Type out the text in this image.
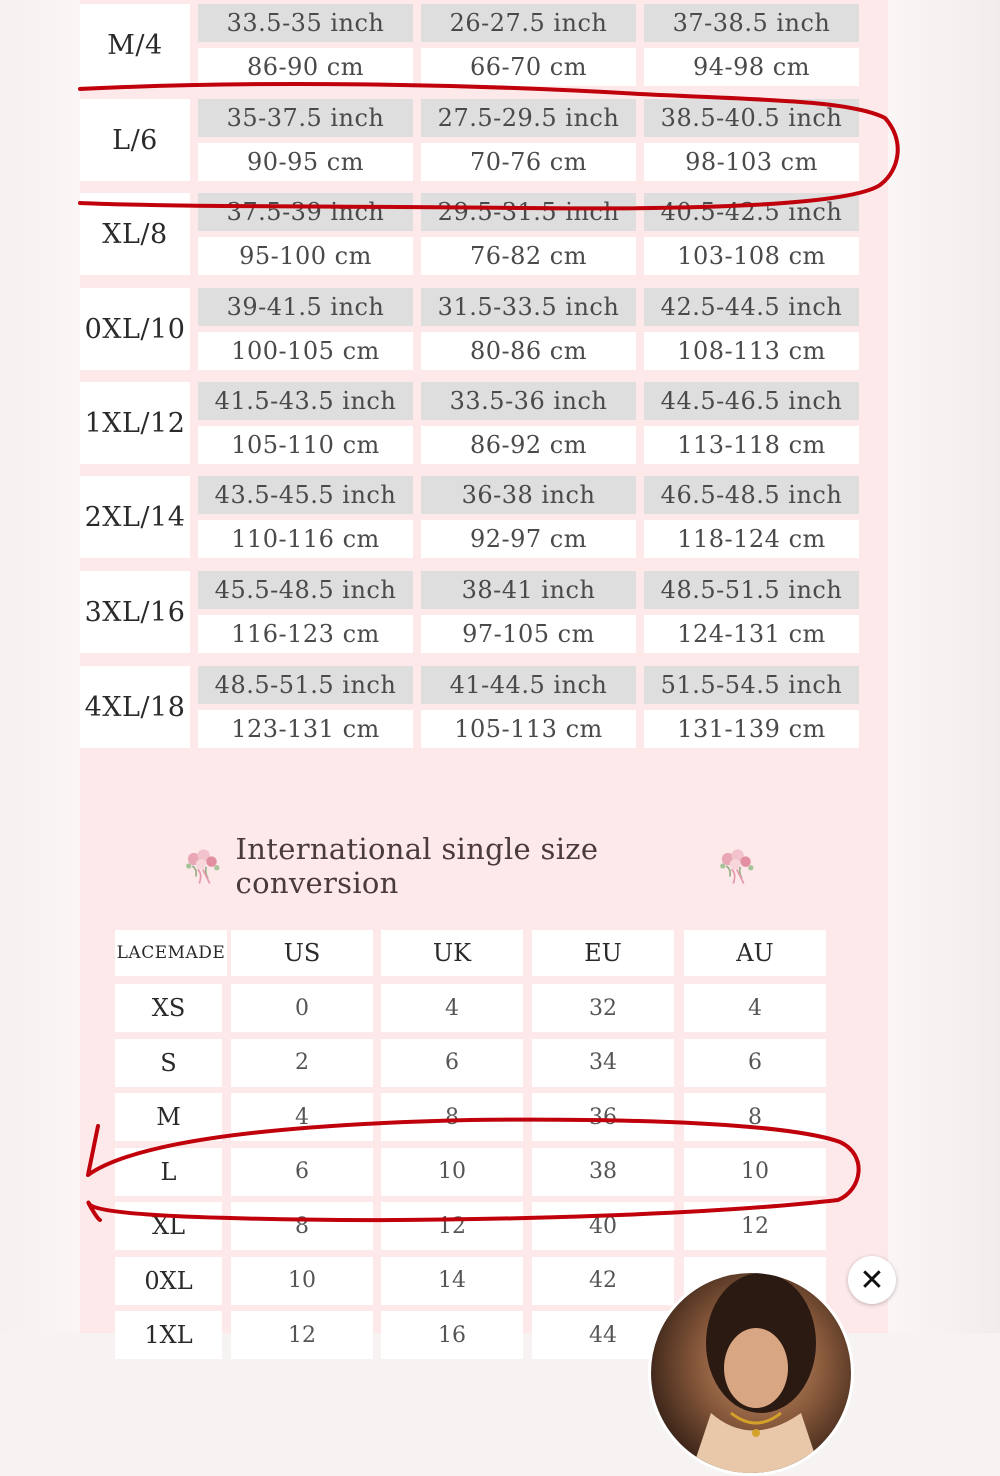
M/4
33.5-35 inch
86-90 cm
26-27.5 inch
66-70 cm
37-38.5 inch
94-98 cm
L/6
35-37.5 inch
90-95 cm
27.5-29.5 inch
70-76 cm
38.5-40.5 inch
98-103 cm
XL/8
37.5-39 inch
95-100 cm
29.5-31.5 inch
76-82 cm
40.5-42.5 inch
103-108 cm
0XL/10
39-41.5 inch
100-105 cm
31.5-33.5 inch
80-86 cm
42.5-44.5 inch
108-113 cm
1XL/12
41.5-43.5 inch
105-110 cm
33.5-36 inch
86-92 cm
44.5-46.5 inch
113-118 cm
2XL/14
43.5-45.5 inch
110-116 cm
36-38 inch
92-97 cm
46.5-48.5 inch
118-124 cm
3XL/16
45.5-48.5 inch
116-123 cm
38-41 inch
97-105 cm
48.5-51.5 inch
124-131 cm
4XL/18
48.5-51.5 inch
123-131 cm
41-44.5 inch
105-113 cm
51.5-54.5 inch
131-139 cm
International single size conversion
LACEMADE	US	UK	EU	AU
XS	0	4	32	4
S	2	6	34	6
M	4	8	36	8
L	6	10	38	10
XL	8	12	40	12
0XL	10	14	42
1XL	12	16	44
✕
